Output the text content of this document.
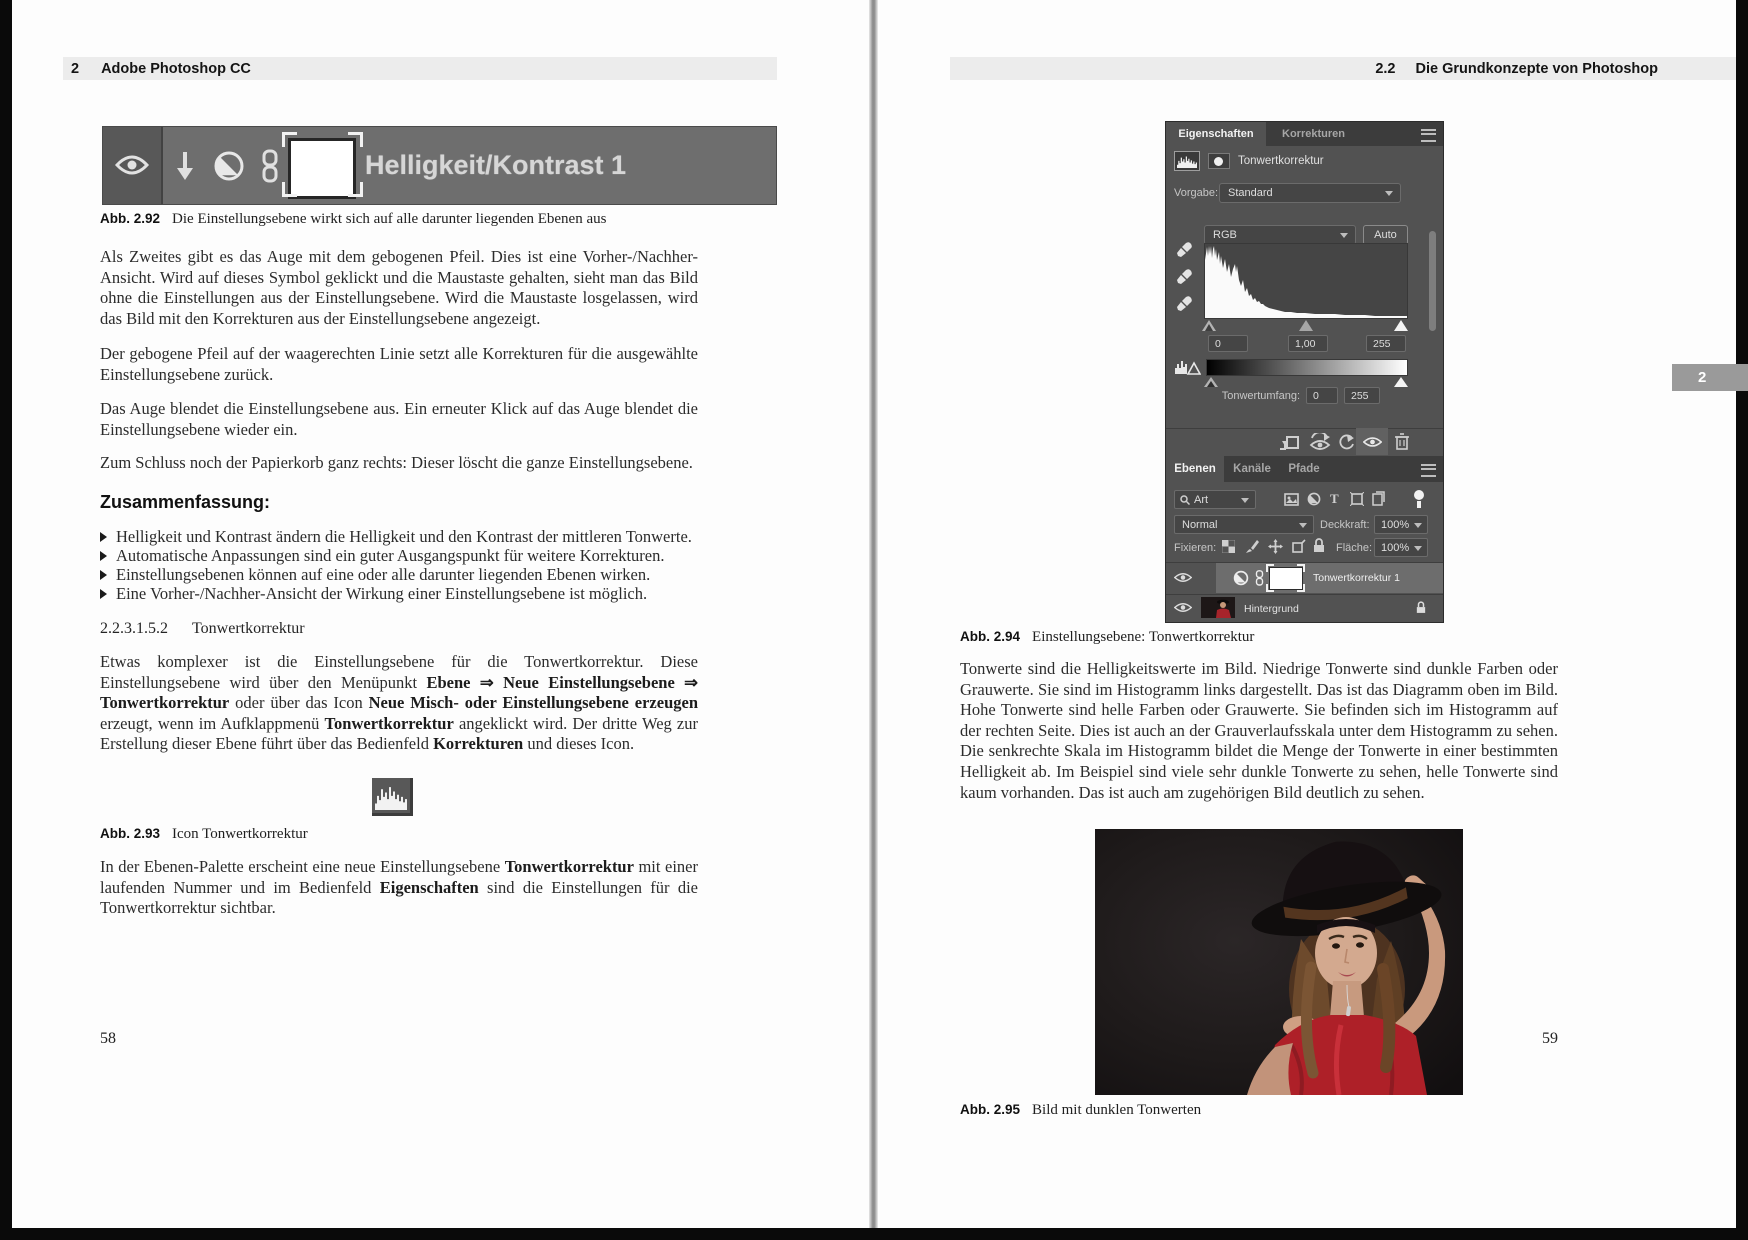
2 Adobe Photoshop CC
Helligkeit/Kontrast 1
Abb. 2.92 Die Einstellungsebene wirkt sich auf alle darunter liegenden Ebenen aus
Als Zweites gibt es das Auge mit dem gebogenen Pfeil. Dies ist eine Vorher-/Nachher-Ansicht. Wird auf dieses Symbol geklickt und die Maustaste gehalten, sieht man das Bild ohne die Einstellungen aus der Einstellungsebene. Wird die Maustaste losgelassen, wird das Bild mit den Korrekturen aus der Einstellungsebene angezeigt.
Der gebogene Pfeil auf der waagerechten Linie setzt alle Korrekturen für die ausgewählte Einstellungsebene zurück.
Das Auge blendet die Einstellungsebene aus. Ein erneuter Klick auf das Auge blendet die Einstellungsebene wieder ein.
Zum Schluss noch der Papierkorb ganz rechts: Dieser löscht die ganze Einstellungsebene.
Zusammenfassung:
Helligkeit und Kontrast ändern die Helligkeit und den Kontrast der mittleren Tonwerte.
Automatische Anpassungen sind ein guter Ausgangspunkt für weitere Korrekturen.
Einstellungsebenen können auf eine oder alle darunter liegenden Ebenen wirken.
Eine Vorher-/Nachher-Ansicht der Wirkung einer Einstellungsebene ist möglich.
2.2.3.1.5.2 Tonwertkorrektur
Etwas komplexer ist die Einstellungsebene für die Tonwertkorrektur. Diese Einstellungsebene wird über den Menüpunkt Ebene ⇒ Neue Einstellungsebene ⇒ Tonwertkorrektur oder über das Icon Neue Misch- oder Einstellungsebene erzeugen erzeugt, wenn im Aufklappmenü Tonwertkorrektur angeklickt wird. Der dritte Weg zur Erstellung dieser Ebene führt über das Bedienfeld Korrekturen und dieses Icon.
Abb. 2.93 Icon Tonwertkorrektur
In der Ebenen-Palette erscheint eine neue Einstellungsebene Tonwertkorrektur mit einer laufenden Nummer und im Bedienfeld Eigenschaften sind die Einstellungen für die Tonwertkorrektur sichtbar.
58
2.2 Die Grundkonzepte von Photoshop
2
Eigenschaften	Korrekturen
Tonwertkorrektur
Vorgabe: Standard
RGB	Auto
0	1,00	255
Tonwertumfang: 0	255
Ebenen	Kanäle	Pfade
Art	T
Normal	Deckkraft: 100%
Fixieren:	Fläche: 100%
Tonwertkorrektur 1
Hintergrund
Abb. 2.94 Einstellungsebene: Tonwertkorrektur
Tonwerte sind die Helligkeitswerte im Bild. Niedrige Tonwerte sind dunkle Farben oder Grauwerte. Sie sind im Histogramm links dargestellt. Das ist das Diagramm oben im Bild. Hohe Tonwerte sind helle Farben oder Grauwerte. Sie befinden sich im Histogramm auf der rechten Seite. Dies ist auch an der Grauverlaufsskala unter dem Histogramm zu sehen. Die senkrechte Skala im Histogramm bildet die Menge der Tonwerte in einer bestimmten Helligkeit ab. Im Beispiel sind viele sehr dunkle Tonwerte zu sehen, helle Tonwerte sind kaum vorhanden. Das ist auch am zugehörigen Bild deutlich zu sehen.
Abb. 2.95 Bild mit dunklen Tonwerten
59
